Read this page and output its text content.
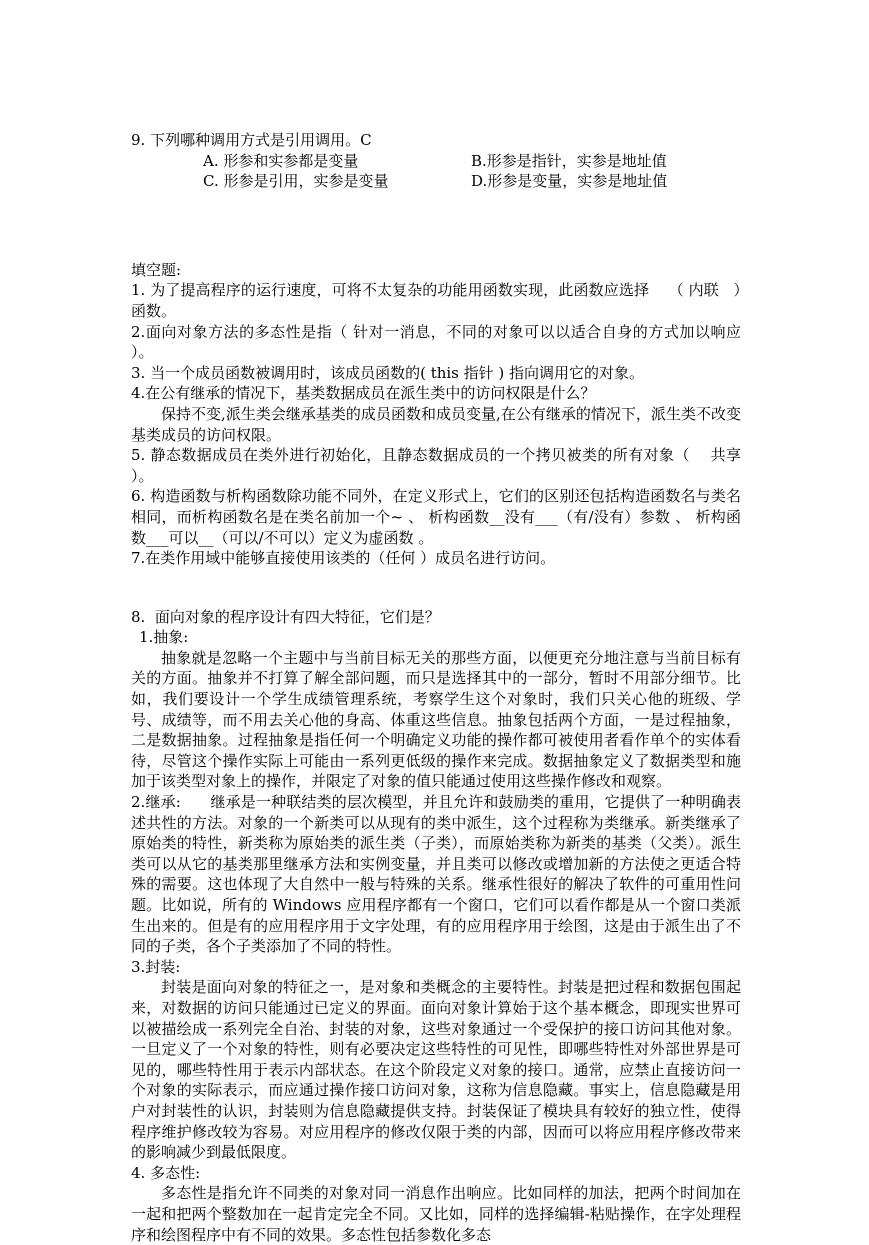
9. 下列哪种调用方式是引用调用。C

A. 形参和实参都是变量	B.形参是指针，实参是地址值
C. 形参是引用，实参是变量	D.形参是变量，实参是地址值

填空题:

1. 为了提高程序的运行速度，可将不太复杂的功能用函数实现，此函数应选择    （ 内联   ）函数。

2.面向对象方法的多态性是指（ 针对一消息，不同的对象可以以适合自身的方式加以响应  ）。

3. 当一个成员函数被调用时，该成员函数的( this 指针 ) 指向调用它的对象。

4.在公有继承的情况下，基类数据成员在派生类中的访问权限是什么？

保持不变,派生类会继承基类的成员函数和成员变量,在公有继承的情况下，派生类不改变基类成员的访问权限。

5. 静态数据成员在类外进行初始化，且静态数据成员的一个拷贝被类的所有对象（    共享       ）。

6. 构造函数与析构函数除功能不同外，在定义形式上，它们的区别还包括构造函数名与类名相同，而析构函数名是在类名前加一个~ 、 析构函数__没有___（有/没有）参数 、 析构函数___可以__（可以/不可以）定义为虚函数 。

7.在类作用域中能够直接使用该类的（任何 ）成员名进行访问。

8.  面向对象的程序设计有四大特征，它们是？

1.抽象:

抽象就是忽略一个主题中与当前目标无关的那些方面，以便更充分地注意与当前目标有关的方面。抽象并不打算了解全部问题，而只是选择其中的一部分，暂时不用部分细节。比如，我们要设计一个学生成绩管理系统，考察学生这个对象时，我们只关心他的班级、学号、成绩等，而不用去关心他的身高、体重这些信息。抽象包括两个方面，一是过程抽象，二是数据抽象。过程抽象是指任何一个明确定义功能的操作都可被使用者看作单个的实体看待，尽管这个操作实际上可能由一系列更低级的操作来完成。数据抽象定义了数据类型和施加于该类型对象上的操作，并限定了对象的值只能通过使用这些操作修改和观察。

2.继承:      继承是一种联结类的层次模型，并且允许和鼓励类的重用，它提供了一种明确表述共性的方法。对象的一个新类可以从现有的类中派生，这个过程称为类继承。新类继承了原始类的特性，新类称为原始类的派生类（子类），而原始类称为新类的基类（父类）。派生类可以从它的基类那里继承方法和实例变量，并且类可以修改或增加新的方法使之更适合特殊的需要。这也体现了大自然中一般与特殊的关系。继承性很好的解决了软件的可重用性问题。比如说，所有的 Windows 应用程序都有一个窗口，它们可以看作都是从一个窗口类派生出来的。但是有的应用程序用于文字处理，有的应用程序用于绘图，这是由于派生出了不同的子类，各个子类添加了不同的特性。

3.封装:

封装是面向对象的特征之一，是对象和类概念的主要特性。封装是把过程和数据包围起来，对数据的访问只能通过已定义的界面。面向对象计算始于这个基本概念，即现实世界可以被描绘成一系列完全自治、封装的对象，这些对象通过一个受保护的接口访问其他对象。一旦定义了一个对象的特性，则有必要决定这些特性的可见性，即哪些特性对外部世界是可见的，哪些特性用于表示内部状态。在这个阶段定义对象的接口。通常，应禁止直接访问一个对象的实际表示，而应通过操作接口访问对象，这称为信息隐藏。事实上，信息隐藏是用户对封装性的认识，封装则为信息隐藏提供支持。封装保证了模块具有较好的独立性，使得程序维护修改较为容易。对应用程序的修改仅限于类的内部，因而可以将应用程序修改带来的影响减少到最低限度。

4. 多态性:

多态性是指允许不同类的对象对同一消息作出响应。比如同样的加法，把两个时间加在一起和把两个整数加在一起肯定完全不同。又比如，同样的选择编辑-粘贴操作，在字处理程序和绘图程序中有不同的效果。多态性包括参数化多态
